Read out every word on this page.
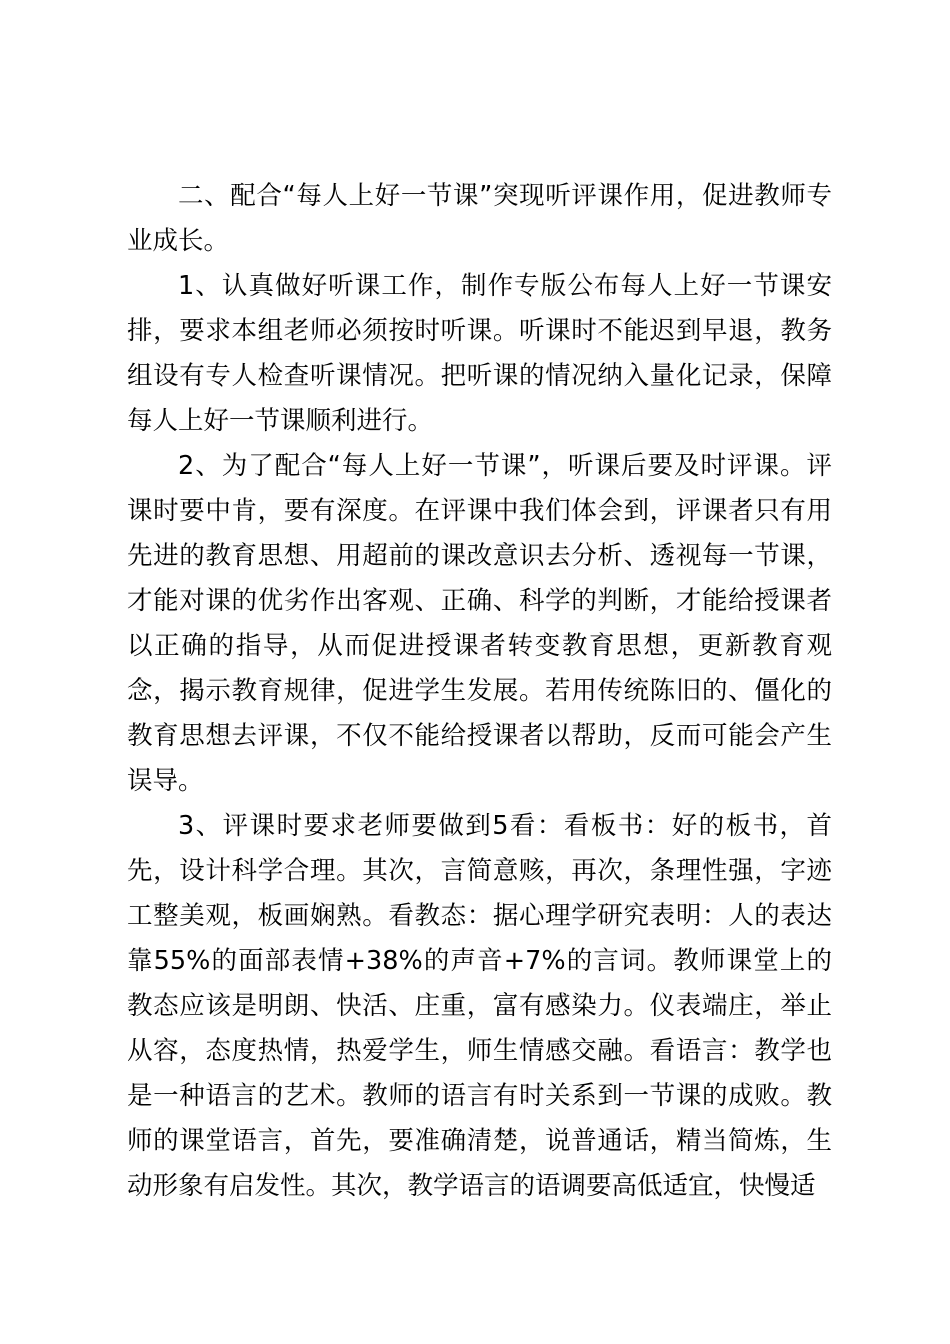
二、配合“每人上好一节课”突现听评课作用，促进教师专业成长。

1、认真做好听课工作，制作专版公布每人上好一节课安排，要求本组老师必须按时听课。听课时不能迟到早退，教务组设有专人检查听课情况。把听课的情况纳入量化记录，保障每人上好一节课顺利进行。

2、为了配合“每人上好一节课”，听课后要及时评课。评课时要中肯，要有深度。在评课中我们体会到，评课者只有用先进的教育思想、用超前的课改意识去分析、透视每一节课，才能对课的优劣作出客观、正确、科学的判断，才能给授课者以正确的指导，从而促进授课者转变教育思想，更新教育观念，揭示教育规律，促进学生发展。若用传统陈旧的、僵化的教育思想去评课，不仅不能给授课者以帮助，反而可能会产生误导。

3、评课时要求老师要做到5看：看板书：好的板书，首先，设计科学合理。其次，言简意赅，再次，条理性强，字迹工整美观，板画娴熟。看教态：据心理学研究表明：人的表达靠55%的面部表情+38%的声音+7%的言词。教师课堂上的教态应该是明朗、快活、庄重，富有感染力。仪表端庄，举止从容，态度热情，热爱学生，师生情感交融。看语言：教学也是一种语言的艺术。教师的语言有时关系到一节课的成败。教师的课堂语言，首先，要准确清楚，说普通话，精当简炼，生动形象有启发性。其次，教学语言的语调要高低适宜，快慢适
